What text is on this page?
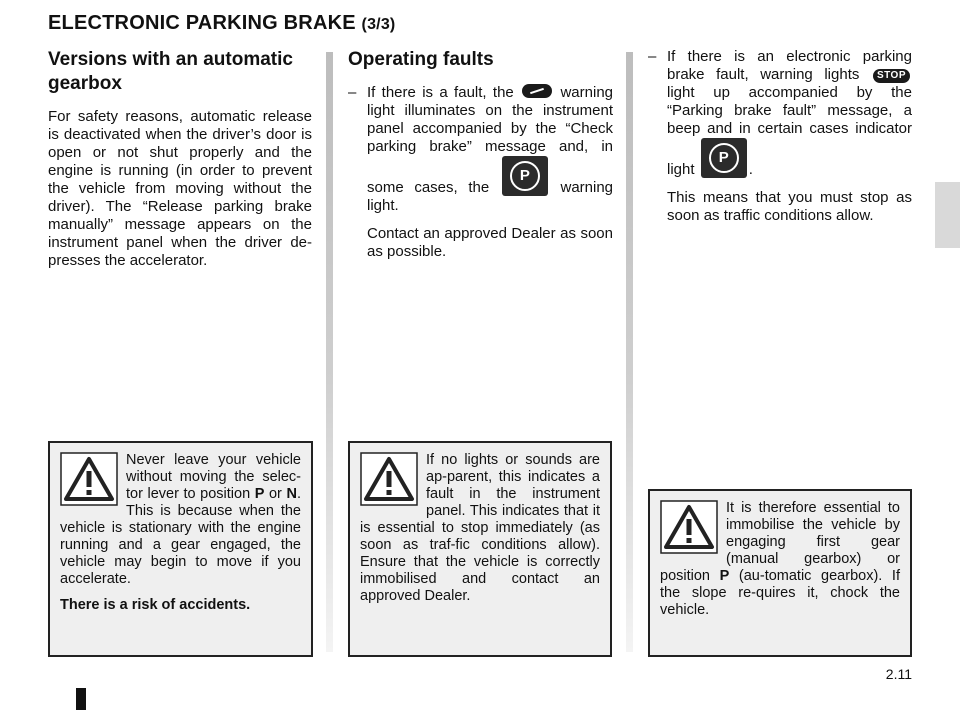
ELECTRONIC PARKING BRAKE (3/3)
Versions with an automatic gearbox

For safety reasons, automatic release is deactivated when the driver’s door is open or not shut properly and the engine is running (in order to prevent the vehicle from moving without the driver). The “Release parking brake manually” message appears on the instrument panel when the driver de-presses the accelerator.

Operating faults

– If there is a fault, the	warning light illuminates on the instrument panel accompanied by the “Check parking brake” message and, in some cases, the
P
warning light.

Contact an approved Dealer as soon as possible.

– If there is an electronic parking brake fault, warning lights STOP light up accompanied by the “Parking brake fault” message, a beep and in certain cases indicator light
P
.

This means that you must stop as soon as traffic conditions allow.

Never leave your vehicle without moving the selec-tor lever to position P or N. This is because when the vehicle is stationary with the engine running and a gear engaged, the vehicle may begin to move if you accelerate.

There is a risk of accidents.

If no lights or sounds are ap-parent, this indicates a fault in the instrument panel. This indicates that it is essential to stop immediately (as soon as traf-fic conditions allow). Ensure that the vehicle is correctly immobilised and contact an approved Dealer.

It is therefore essential to immobilise the vehicle by engaging first gear (manual gearbox) or position P (au-tomatic gearbox). If the slope re-quires it, chock the vehicle.

2.11
